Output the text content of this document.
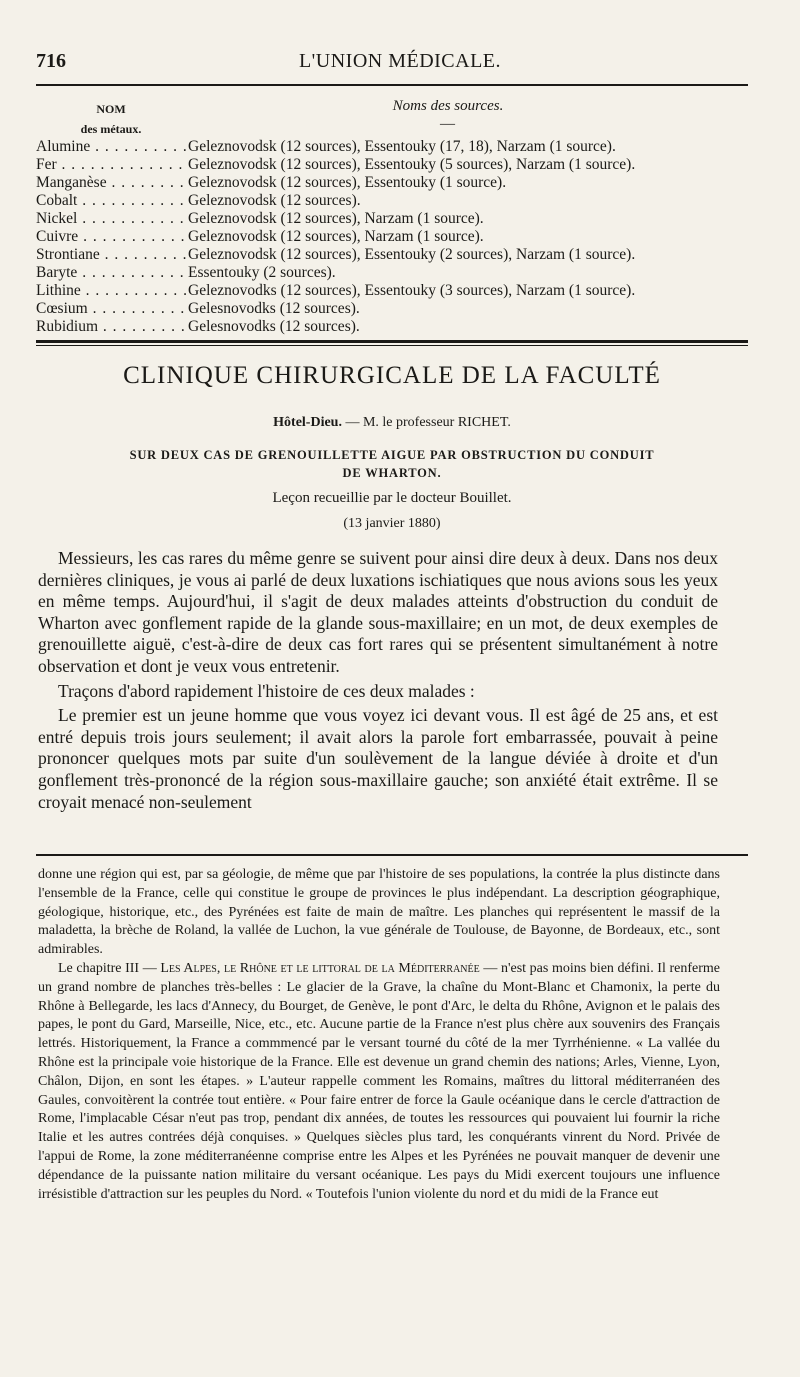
716	L'UNION MÉDICALE.
NOM
des métaux.
Noms des sources.
—
Alumine . . .	Geleznovodsk (12 sources), Essentouky (17, 18), Narzam (1 source).
Fer . . .	Geleznovodsk (12 sources), Essentouky (5 sources), Narzam (1 source).
Manganèse . . .	Geleznovodsk (12 sources), Essentouky (1 source).
Cobalt . . .	Geleznovodsk (12 sources).
Nickel . . .	Geleznovodsk (12 sources), Narzam (1 source).
Cuivre . . .	Geleznovodsk (12 sources), Narzam (1 source).
Strontiane . . .	Geleznovodsk (12 sources), Essentouky (2 sources), Narzam (1 source).
Baryte . . .	Essentouky (2 sources).
Lithine . . .	Geleznovodks (12 sources), Essentouky (3 sources), Narzam (1 source).
Cœsium . . .	Gelesnovodks (12 sources).
Rubidium . . .	Gelesnovodks (12 sources).
CLINIQUE CHIRURGICALE DE LA FACULTÉ
Hôtel-Dieu. — M. le professeur RICHET.
SUR DEUX CAS DE GRENOUILLETTE AIGUE PAR OBSTRUCTION DU CONDUIT
DE WHARTON.
Leçon recueillie par le docteur Bouillet.
(13 janvier 1880)

Messieurs, les cas rares du même genre se suivent pour ainsi dire deux à deux. Dans nos deux dernières cliniques, je vous ai parlé de deux luxations ischiatiques que nous avions sous les yeux en même temps. Aujourd'hui, il s'agit de deux malades atteints d'obstruction du conduit de Wharton avec gonflement rapide de la glande sous-maxillaire; en un mot, de deux exemples de grenouillette aiguë, c'est-à-dire de deux cas fort rares qui se présentent simultanément à notre observation et dont je veux vous entretenir.

Traçons d'abord rapidement l'histoire de ces deux malades :

Le premier est un jeune homme que vous voyez ici devant vous. Il est âgé de 25 ans, et est entré depuis trois jours seulement; il avait alors la parole fort embarrassée, pouvait à peine prononcer quelques mots par suite d'un soulèvement de la langue déviée à droite et d'un gonflement très-prononcé de la région sous-maxillaire gauche; son anxiété était extrême. Il se croyait menacé non-seulement

donne une région qui est, par sa géologie, de même que par l'histoire de ses populations, la contrée la plus distincte dans l'ensemble de la France, celle qui constitue le groupe de provinces le plus indépendant. La description géographique, géologique, historique, etc., des Pyrénées est faite de main de maître. Les planches qui représentent le massif de la maladetta, la brèche de Roland, la vallée de Luchon, la vue générale de Toulouse, de Bayonne, de Bordeaux, etc., sont admirables.

Le chapitre III — Les Alpes, le Rhône et le littoral de la Méditerranée — n'est pas moins bien défini. Il renferme un grand nombre de planches très-belles : Le glacier de la Grave, la chaîne du Mont-Blanc et Chamonix, la perte du Rhône à Bellegarde, les lacs d'Annecy, du Bourget, de Genève, le pont d'Arc, le delta du Rhône, Avignon et le palais des papes, le pont du Gard, Marseille, Nice, etc., etc. Aucune partie de la France n'est plus chère aux souvenirs des Français lettrés. Historiquement, la France a commmencé par le versant tourné du côté de la mer Tyrrhénienne. « La vallée du Rhône est la principale voie historique de la France. Elle est devenue un grand chemin des nations; Arles, Vienne, Lyon, Châlon, Dijon, en sont les étapes. » L'auteur rappelle comment les Romains, maîtres du littoral méditerranéen des Gaules, convoitèrent la contrée tout entière. « Pour faire entrer de force la Gaule océanique dans le cercle d'attraction de Rome, l'implacable César n'eut pas trop, pendant dix années, de toutes les ressources qui pouvaient lui fournir la riche Italie et les autres contrées déjà conquises. » Quelques siècles plus tard, les conquérants vinrent du Nord. Privée de l'appui de Rome, la zone méditerranéenne comprise entre les Alpes et les Pyrénées ne pouvait manquer de devenir une dépendance de la puissante nation militaire du versant océanique. Les pays du Midi exercent toujours une influence irrésistible d'attraction sur les peuples du Nord. « Toutefois l'union violente du nord et du midi de la France eut
